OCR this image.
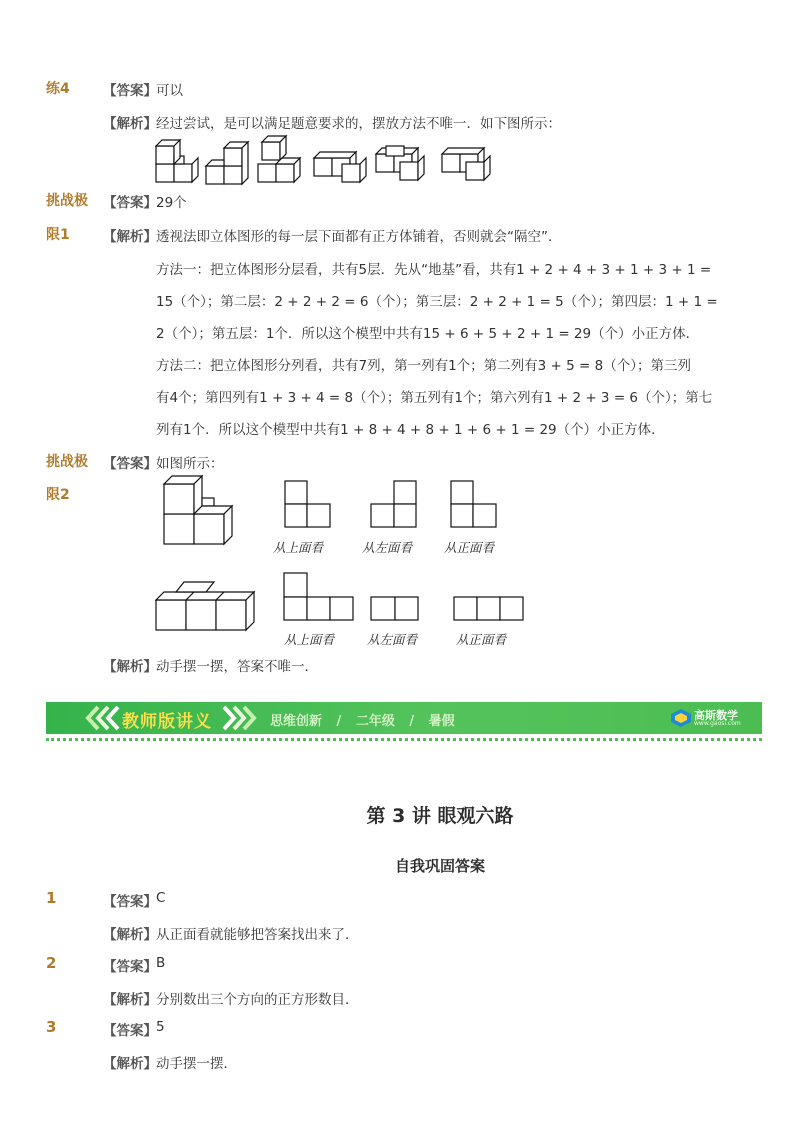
练4 【答案】 可以
【解析】 经过尝试，是可以满足题意要求的，摆放方法不唯一．如下图所示：
挑战极 【答案】 29个
限1 【解析】 透视法即立体图形的每一层下面都有正方体铺着，否则就会“隔空”．
方法一：把立体图形分层看，共有5层．先从“地基”看，共有1 + 2 + 4 + 3 + 1 + 3 + 1 =
15（个）；第二层：2 + 2 + 2 = 6（个）；第三层：2 + 2 + 1 = 5（个）；第四层：1 + 1 =
2（个）；第五层：1个．所以这个模型中共有15 + 6 + 5 + 2 + 1 = 29（个）小正方体．
方法二：把立体图形分列看，共有7列，第一列有1个；第二列有3 + 5 = 8（个）；第三列
有4个；第四列有1 + 3 + 4 = 8（个）；第五列有1个；第六列有1 + 2 + 3 = 6（个）；第七
列有1个．所以这个模型中共有1 + 8 + 4 + 8 + 1 + 6 + 1 = 29（个）小正方体．
挑战极 【答案】 如图所示：
限2
从上面看	从左面看	从正面看
从上面看	从左面看	从正面看
【解析】 动手摆一摆，答案不唯一．
教师版讲义	思维创新 / 二年级 / 暑假	高斯数学
www.gaosi.com
第 3 讲 眼观六路
自我巩固答案
1	【答案】 C
【解析】 从正面看就能够把答案找出来了．
2	【答案】 B
【解析】 分别数出三个方向的正方形数目．
3	【答案】 5
【解析】 动手摆一摆．
